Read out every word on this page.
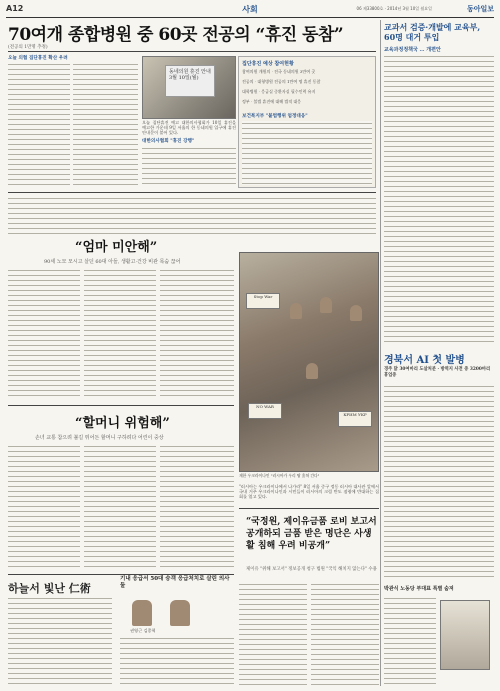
A12	사회	06 제33800호 · 2014년 3월 10일 월요일	동아일보
70여개 종합병원 중 60곳 전공의 “휴진 동참”
(전공의 1만명 추정)
오늘 의협 집단휴진 확산 우려
동네의원 휴진 안내 3월 10일(월)
오늘 집단휴진 예고 대한의사협회가 10일 휴진을 예고한 가운데 9일 서울의 한 동네의원 입구에 휴진 안내문이 붙어 있다.
대한의사협회 "휴진 강행"
집단휴진 예상 참여현황
참여의원 개원의 · 전국 동네의원 3만여 곳
전공의 · 대형병원 전공의 1만여 명 휴진 동참
대학병원 · 응급실 중환자실 필수인력 유지
정부 · 불법 휴진에 대해 법적 대응
보건복지부 "불법행위 엄정대응"
교과서 검증·개발에 교육부, 60명 대거 투입
교육과정정책국 … 개편안
경북서 AI 첫 발병
경주 닭 30여마리 도살처분 · 방역지 사전 중 3200마리 휴업중
박관식 노동당 부대표 특별 숨져
“엄마 미안해”
90세 노모 모시고 살던 60대 아들, 생활고·건강 비관 목숨 끊어
“할머니 위험해”
손녀 교통 참으려 불길 뛰어든 할머니 구하려다 어린이 중상
Stop War
NO WAR
КРИМ УКР
재한 우크라이나인 "러시아가 우리 땅 훔쳐 간다"
"러시아는 우크라이나에서 나가라" 8일 서울 중구 정동 러시아 대사관 앞에서 국내 거주 우크라이나인과 시민들이 러시아의 크림 반도 점령에 반대하는 집회를 열고 있다.
“국정원, 제이유금품 로비 보고서 공개하되 금품 받은 명단은 사생활 침해 우려 비공개”
제이유 "위해 보고서" 정보공개 청구 법원 "국익 해치지 않는다" 수용
하늘서 빛난 仁術
기내 응급서 50대 승객 응급처치로 살린 의사 둘
권영근 김종혁
